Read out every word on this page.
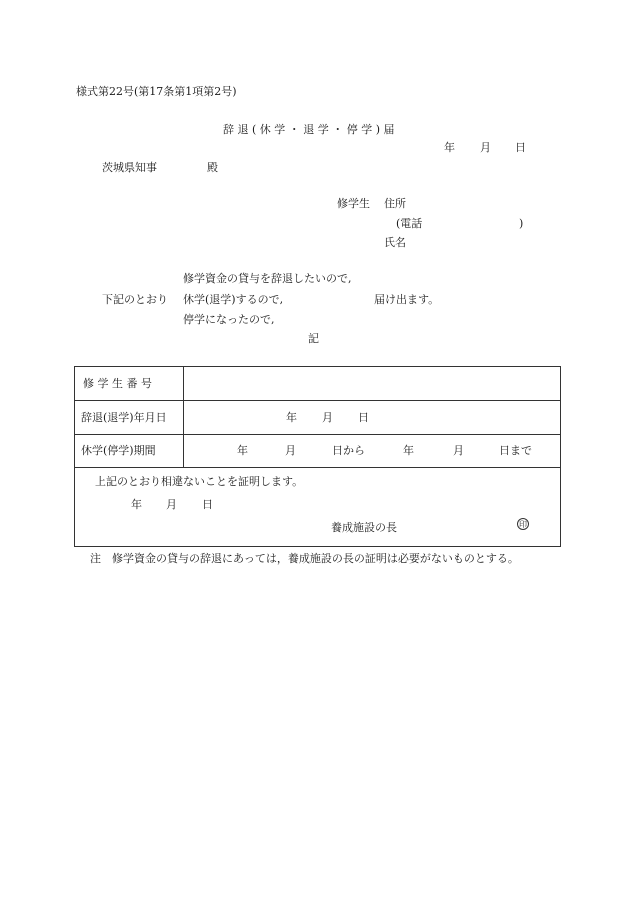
様式第22号(第17条第1項第2号)
辞 退 ( 休 学 ・ 退 学 ・ 停 学 ) 届
年 月 日
茨城県知事	殿
修学生 住所
(電話	)
氏名
修学資金の貸与を辞退したいので,
下記のとおり 休学(退学)するので,	届け出ます。
停学になったので,
記
修 学 生 番 号
辞退(退学)年月日	年 月 日
休学(停学)期間	年	月	日から	年	月	日まで
上記のとおり相違ないことを証明します。
年 月 日
養成施設の長	印
注　修学資金の貸与の辞退にあっては，養成施設の長の証明は必要がないものとする。
